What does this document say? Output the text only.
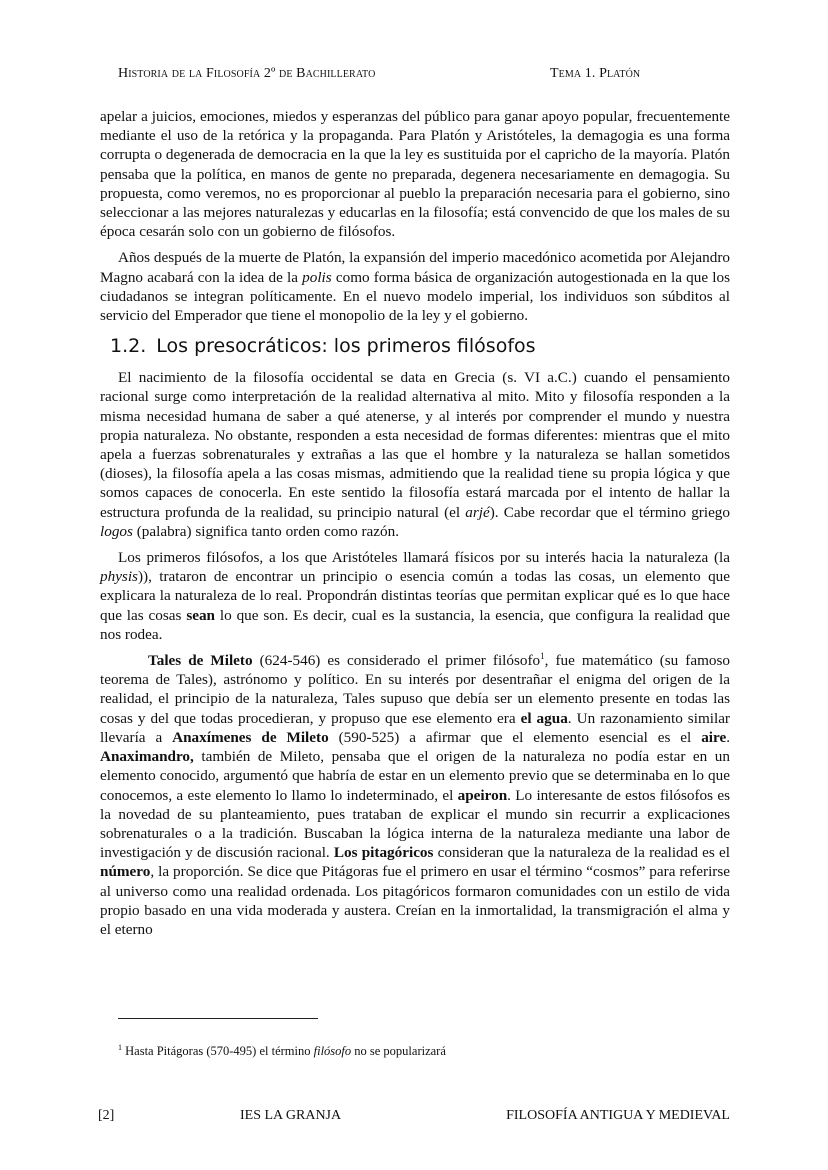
Historia de la Filosofía 2º de Bachillerato	Tema 1. Platón

apelar a juicios, emociones, miedos y esperanzas del público para ganar apoyo popular, frecuentemente mediante el uso de la retórica y la propaganda. Para Platón y Aristóteles, la demagogia es una forma corrupta o degenerada de democracia en la que la ley es sustituida por el capricho de la mayoría. Platón pensaba que la política, en manos de gente no preparada, degenera necesariamente en demagogia. Su propuesta, como veremos, no es proporcionar al pueblo la preparación necesaria para el gobierno, sino seleccionar a las mejores naturalezas y educarlas en la filosofía; está convencido de que los males de su época cesarán solo con un gobierno de filósofos.

Años después de la muerte de Platón, la expansión del imperio macedónico acometida por Alejandro Magno acabará con la idea de la polis como forma básica de organización autogestionada en la que los ciudadanos se integran políticamente. En el nuevo modelo imperial, los individuos son súbditos al servicio del Emperador que tiene el monopolio de la ley y el gobierno.

1.2. Los presocráticos: los primeros filósofos

El nacimiento de la filosofía occidental se data en Grecia (s. VI a.C.) cuando el pensamiento racional surge como interpretación de la realidad alternativa al mito. Mito y filosofía responden a la misma necesidad humana de saber a qué atenerse, y al interés por comprender el mundo y nuestra propia naturaleza. No obstante, responden a esta necesidad de formas diferentes: mientras que el mito apela a fuerzas sobrenaturales y extrañas a las que el hombre y la naturaleza se hallan sometidos (dioses), la filosofía apela a las cosas mismas, admitiendo que la realidad tiene su propia lógica y que somos capaces de conocerla. En este sentido la filosofía estará marcada por el intento de hallar la estructura profunda de la realidad, su principio natural (el arjé). Cabe recordar que el término griego logos (palabra) significa tanto orden como razón.

Los primeros filósofos, a los que Aristóteles llamará físicos por su interés hacia la naturaleza (la physis)), trataron de encontrar un principio o esencia común a todas las cosas, un elemento que explicara la naturaleza de lo real. Propondrán distintas teorías que permitan explicar qué es lo que hace que las cosas sean lo que son. Es decir, cual es la sustancia, la esencia, que configura la realidad que nos rodea.

Tales de Mileto (624-546) es considerado el primer filósofo$^1$, fue matemático (su famoso teorema de Tales), astrónomo y político. En su interés por desentrañar el enigma del origen de la realidad, el principio de la naturaleza, Tales supuso que debía ser un elemento presente en todas las cosas y del que todas procedieran, y propuso que ese elemento era el agua. Un razonamiento similar llevaría a Anaxímenes de Mileto (590-525) a afirmar que el elemento esencial es el aire. Anaximandro, también de Mileto, pensaba que el origen de la naturaleza no podía estar en un elemento conocido, argumentó que habría de estar en un elemento previo que se determinaba en lo que conocemos, a este elemento lo llamo lo indeterminado, el apeiron. Lo interesante de estos filósofos es la novedad de su planteamiento, pues trataban de explicar el mundo sin recurrir a explicaciones sobrenaturales o a la tradición. Buscaban la lógica interna de la naturaleza mediante una labor de investigación y de discusión racional. Los pitagóricos consideran que la naturaleza de la realidad es el número, la proporción. Se dice que Pitágoras fue el primero en usar el término “cosmos” para referirse al universo como una realidad ordenada. Los pitagóricos formaron comunidades con un estilo de vida propio basado en una vida moderada y austera. Creían en la inmortalidad, la transmigración el alma y el eterno

$^1$ Hasta Pitágoras (570-495) el término filósofo no se popularizará
[2]	IES LA GRANJA	FILOSOFÍA ANTIGUA Y MEDIEVAL
